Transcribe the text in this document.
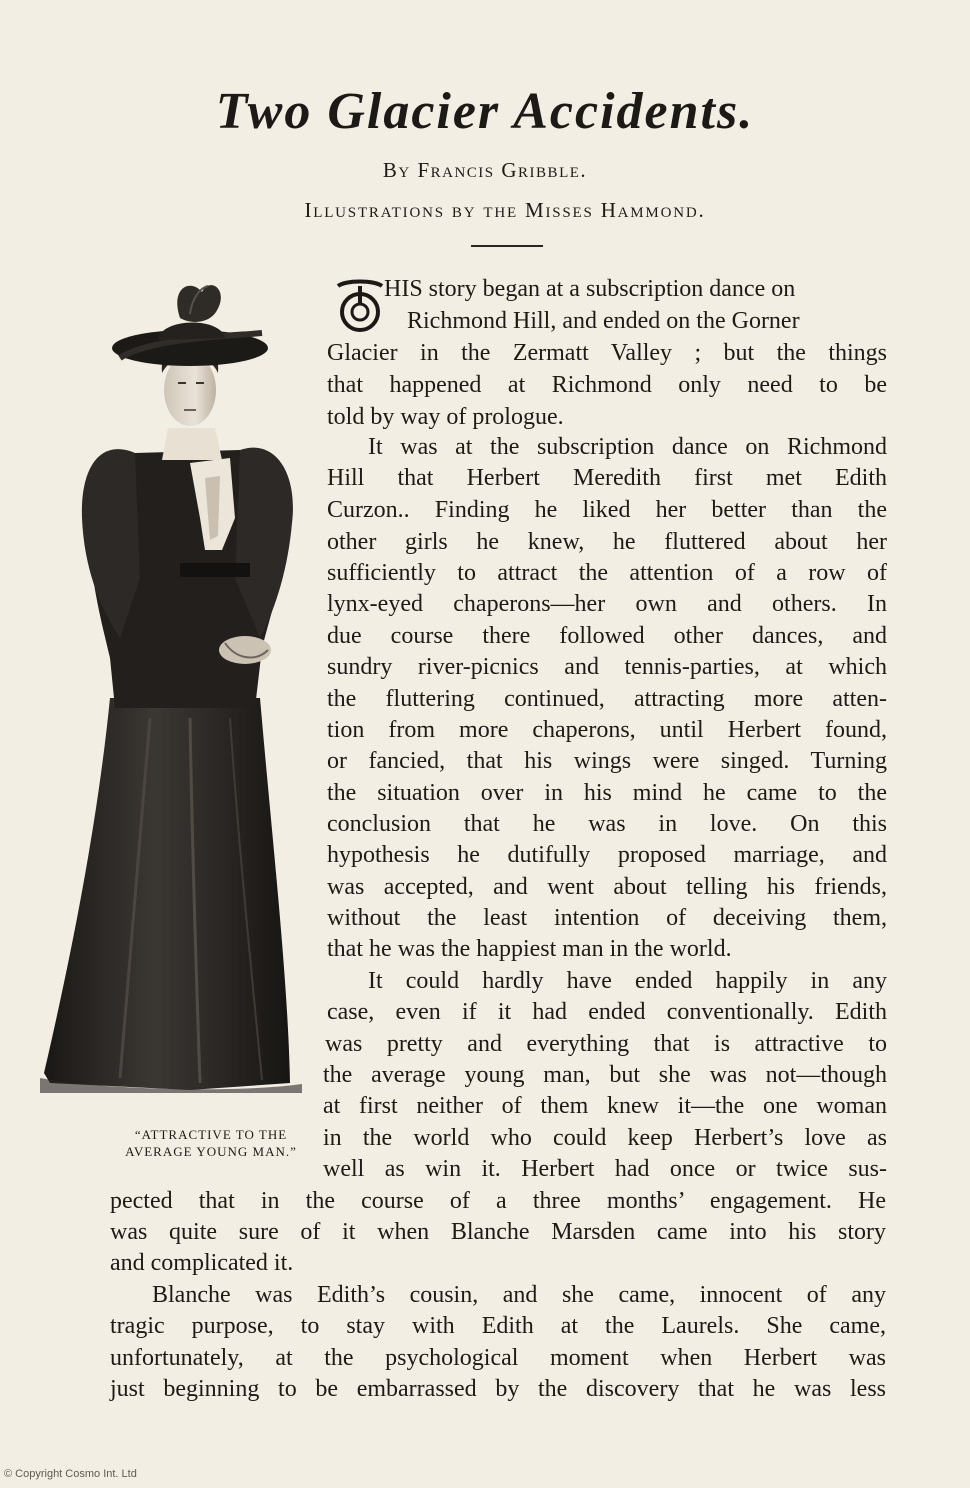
Two Glacier Accidents.
By Francis Gribble.
Illustrations by the Misses Hammond.
“ATTRACTIVE TO THE
AVERAGE YOUNG MAN.”
T HIS story began at a subscription dance on
Richmond Hill, and ended on the Gorner
Glacier in the Zermatt Valley ; but the things
that happened at Richmond only need to be
told by way of prologue.
It was at the subscription dance on Richmond
Hill that Herbert Meredith first met Edith
Curzon.. Finding he liked her better than the
other girls he knew, he fluttered about her
sufficiently to attract the attention of a row of
lynx-eyed chaperons—her own and others. In
due course there followed other dances, and
sundry river-picnics and tennis-parties, at which
the fluttering continued, attracting more atten-
tion from more chaperons, until Herbert found,
or fancied, that his wings were singed. Turning
the situation over in his mind he came to the
conclusion that he was in love. On this
hypothesis he dutifully proposed marriage, and
was accepted, and went about telling his friends,
without the least intention of deceiving them,
that he was the happiest man in the world.
It could hardly have ended happily in any
case, even if it had ended conventionally. Edith
was pretty and everything that is attractive to
the average young man, but she was not—though
at first neither of them knew it—the one woman
in the world who could keep Herbert’s love as
well as win it. Herbert had once or twice sus-
pected that in the course of a three months’ engagement. He
was quite sure of it when Blanche Marsden came into his story
and complicated it.
Blanche was Edith’s cousin, and she came, innocent of any
tragic purpose, to stay with Edith at the Laurels. She came,
unfortunately, at the psychological moment when Herbert was
just beginning to be embarrassed by the discovery that he was less
© Copyright Cosmo Int. Ltd
